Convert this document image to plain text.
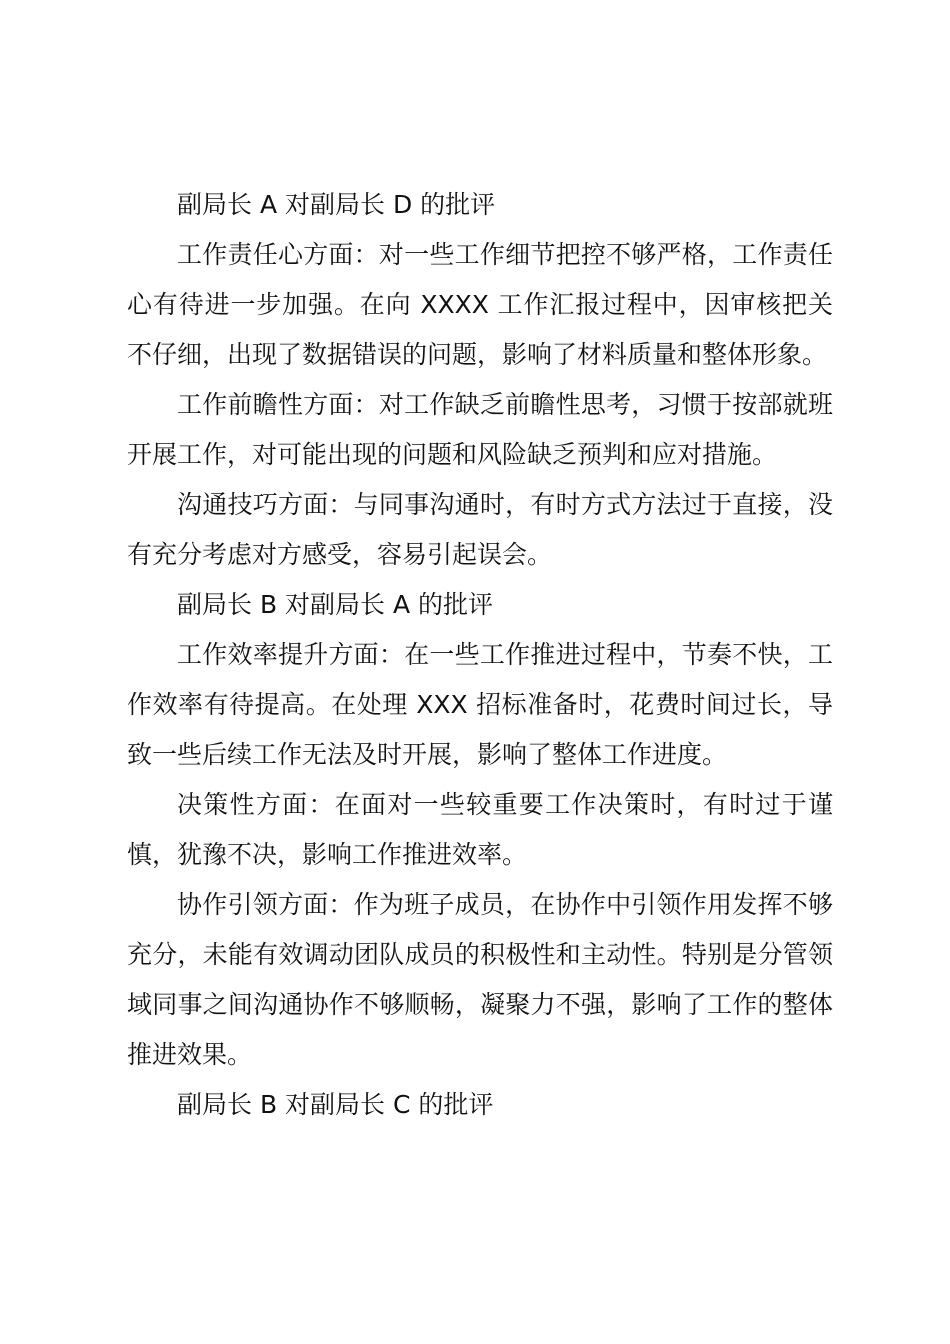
副局长 A 对副局长 D 的批评

工作责任心方面：对一些工作细节把控不够严格，工作责任心有待进一步加强。在向 XXXX 工作汇报过程中，因审核把关不仔细，出现了数据错误的问题，影响了材料质量和整体形象。

工作前瞻性方面：对工作缺乏前瞻性思考，习惯于按部就班开展工作，对可能出现的问题和风险缺乏预判和应对措施。

沟通技巧方面：与同事沟通时，有时方式方法过于直接，没有充分考虑对方感受，容易引起误会。

副局长 B 对副局长 A 的批评

工作效率提升方面：在一些工作推进过程中，节奏不快，工作效率有待提高。在处理 XXX 招标准备时，花费时间过长，导致一些后续工作无法及时开展，影响了整体工作进度。

决策性方面：在面对一些较重要工作决策时，有时过于谨慎，犹豫不决，影响工作推进效率。

协作引领方面：作为班子成员，在协作中引领作用发挥不够充分，未能有效调动团队成员的积极性和主动性。特别是分管领域同事之间沟通协作不够顺畅，凝聚力不强，影响了工作的整体推进效果。

副局长 B 对副局长 C 的批评
